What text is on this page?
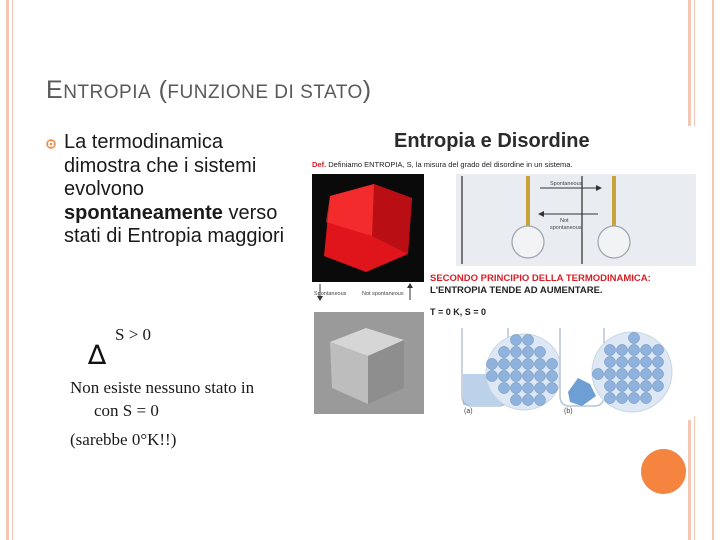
ENTROPIA (FUNZIONE DI STATO)
La termodinamica dimostra che i sistemi evolvono spontaneamente verso stati di Entropia maggiori
∆
S > 0
Non esiste nessuno stato in
con S = 0
(sarebbe 0°K!!)
Entropia e Disordine
Def. Definiamo ENTROPIA, S, la misura del grado del disordine in un sistema.
Spontaneous	Not spontaneous
Spontaneous
Not
spontaneous
SECONDO PRINCIPIO DELLA TERMODINAMICA:
L'ENTROPIA TENDE AD AUMENTARE.
T = 0 K, S = 0
(a)	(b)
